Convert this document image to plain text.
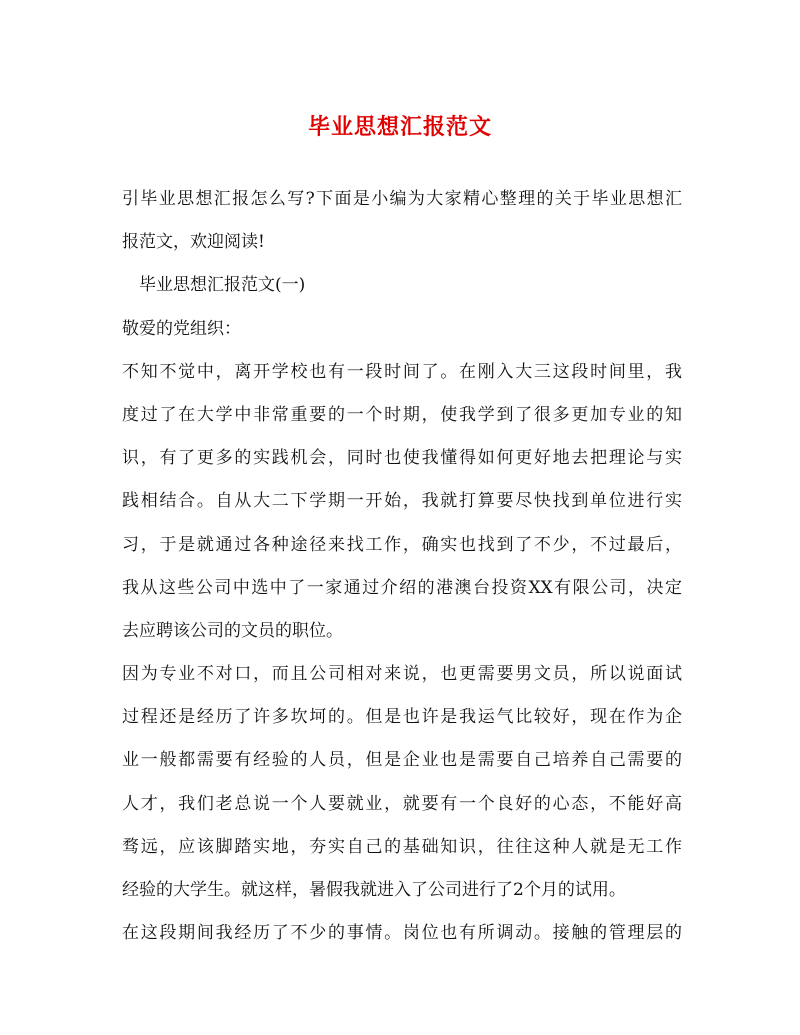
毕业思想汇报范文
引毕业思想汇报怎么写?下面是小编为大家精心整理的关于毕业思想汇
报范文，欢迎阅读!
毕业思想汇报范文(一)
敬爱的党组织：
不知不觉中，离开学校也有一段时间了。在刚入大三这段时间里，我
度过了在大学中非常重要的一个时期，使我学到了很多更加专业的知
识，有了更多的实践机会，同时也使我懂得如何更好地去把理论与实
践相结合。自从大二下学期一开始，我就打算要尽快找到单位进行实
习，于是就通过各种途径来找工作，确实也找到了不少，不过最后，
我从这些公司中选中了一家通过介绍的港澳台投资XX有限公司，决定
去应聘该公司的文员的职位。
因为专业不对口，而且公司相对来说，也更需要男文员，所以说面试
过程还是经历了许多坎坷的。但是也许是我运气比较好，现在作为企
业一般都需要有经验的人员，但是企业也是需要自己培养自己需要的
人才，我们老总说一个人要就业，就要有一个良好的心态，不能好高
骛远，应该脚踏实地，夯实自己的基础知识，往往这种人就是无工作
经验的大学生。就这样，暑假我就进入了公司进行了2个月的试用。
在这段期间我经历了不少的事情。岗位也有所调动。接触的管理层的
